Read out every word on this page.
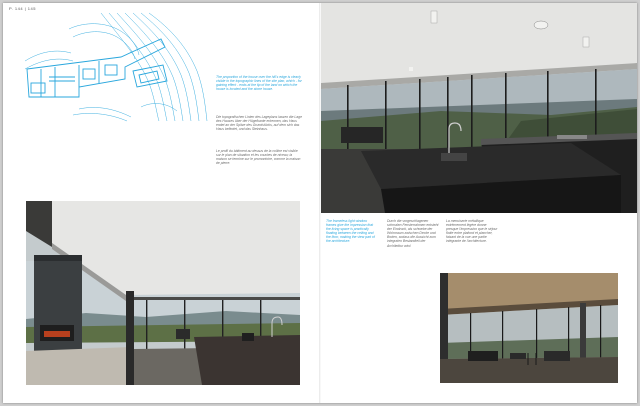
P. 144 | 145

The proportion of the house over the hill's edge is clearly visible in the topographic lines of the site plan, which - for gaining effect - ends at the tip of the land on which the house is located and the stone house.

Die topografischen Linien des Lageplans lassen die Lage des Hauses über der Hügelkante erkennen, das Haus endet an der Spitze des Grundstücks, auf dem sich das Haus befindet, und das Steinhaus.

Le profil du bâtiment au dessus de la colline est visible sur le plan de situation et les courbes de niveau; la maison se termine sur le promontoire, comme la maison de pierre.

The frameless light window frames give the impression that the living space is practically floating between the ceiling and the floor, making the view part of the architecture.

Durch die vorgeschlagenen schmalen Fensterrahmen entsteht der Eindruck, als schwebe der Wohnraum zwischen Decke und Boden, sodass die Aussicht zum integralen Bestandteil der Architektur wird.

La menuiserie métallique extrêmement légère donne presque l'impression que le séjour flotte entre plafond et plancher, faisant de la vue une partie intégrante de l'architecture.
